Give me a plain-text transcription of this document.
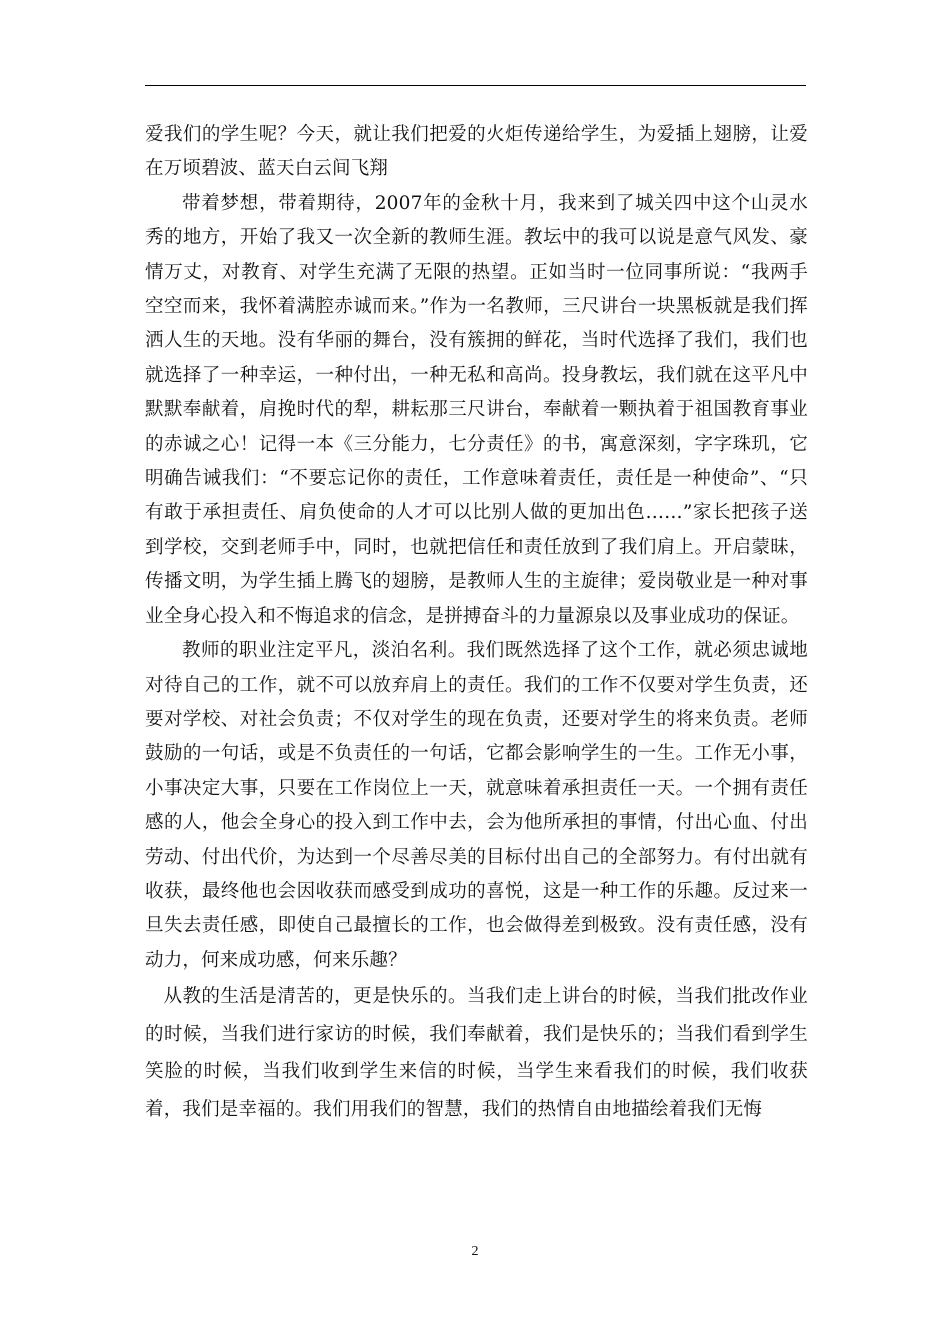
爱我们的学生呢？今天，就让我们把爱的火炬传递给学生，为爱插上翅膀，让爱在万顷碧波、蓝天白云间飞翔

带着梦想，带着期待，2007年的金秋十月，我来到了城关四中这个山灵水秀的地方，开始了我又一次全新的教师生涯。教坛中的我可以说是意气风发、豪情万丈，对教育、对学生充满了无限的热望。正如当时一位同事所说：“我两手空空而来，我怀着满腔赤诚而来。”作为一名教师，三尺讲台一块黑板就是我们挥洒人生的天地。没有华丽的舞台，没有簇拥的鲜花，当时代选择了我们，我们也就选择了一种幸运，一种付出，一种无私和高尚。投身教坛，我们就在这平凡中默默奉献着，肩挽时代的犁，耕耘那三尺讲台，奉献着一颗执着于祖国教育事业的赤诚之心！记得一本《三分能力，七分责任》的书，寓意深刻，字字珠玑，它明确告诫我们：“不要忘记你的责任，工作意味着责任，责任是一种使命”、“只有敢于承担责任、肩负使命的人才可以比别人做的更加出色……”家长把孩子送到学校，交到老师手中，同时，也就把信任和责任放到了我们肩上。开启蒙昧，传播文明，为学生插上腾飞的翅膀，是教师人生的主旋律；爱岗敬业是一种对事业全身心投入和不悔追求的信念，是拼搏奋斗的力量源泉以及事业成功的保证。

教师的职业注定平凡，淡泊名利。我们既然选择了这个工作，就必须忠诚地对待自己的工作，就不可以放弃肩上的责任。我们的工作不仅要对学生负责，还要对学校、对社会负责；不仅对学生的现在负责，还要对学生的将来负责。老师鼓励的一句话，或是不负责任的一句话，它都会影响学生的一生。工作无小事，小事决定大事，只要在工作岗位上一天，就意味着承担责任一天。一个拥有责任感的人，他会全身心的投入到工作中去，会为他所承担的事情，付出心血、付出劳动、付出代价，为达到一个尽善尽美的目标付出自己的全部努力。有付出就有收获，最终他也会因收获而感受到成功的喜悦，这是一种工作的乐趣。反过来一旦失去责任感，即使自己最擅长的工作，也会做得差到极致。没有责任感，没有动力，何来成功感，何来乐趣？

从教的生活是清苦的，更是快乐的。当我们走上讲台的时候，当我们批改作业的时候，当我们进行家访的时候，我们奉献着，我们是快乐的；当我们看到学生笑脸的时候，当我们收到学生来信的时候，当学生来看我们的时候，我们收获着，我们是幸福的。我们用我们的智慧，我们的热情自由地描绘着我们无悔

2
